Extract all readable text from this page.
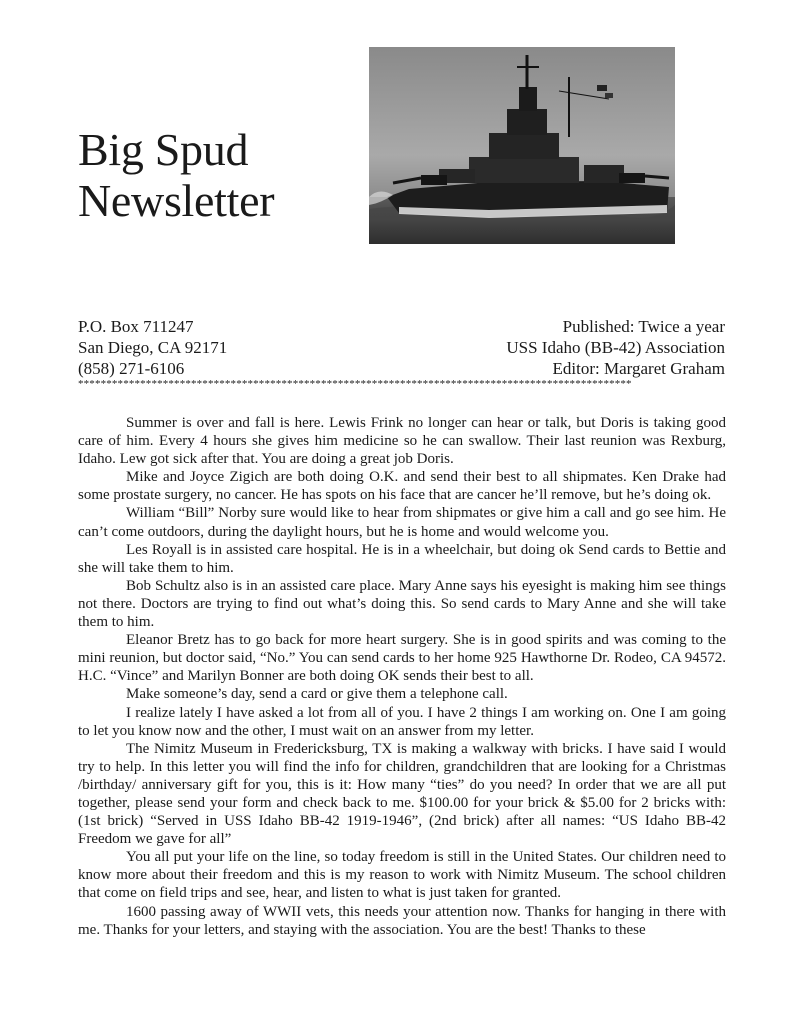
Big Spud
Newsletter
P.O. Box 711247
San Diego, CA 92171
(858) 271-6106
Published: Twice a year
USS Idaho (BB-42) Association
Editor: Margaret Graham
**************************************************************************************************

Summer is over and fall is here. Lewis Frink no longer can hear or talk, but Doris is taking good care of him. Every 4 hours she gives him medicine so he can swallow. Their last reunion was Rexburg, Idaho. Lew got sick after that. You are doing a great job Doris.

Mike and Joyce Zigich are both doing O.K. and send their best to all shipmates. Ken Drake had some prostate surgery, no cancer. He has spots on his face that are cancer he’ll remove, but he’s doing ok.

William “Bill” Norby sure would like to hear from shipmates or give him a call and go see him. He can’t come outdoors, during the daylight hours, but he is home and would welcome you.

Les Royall is in assisted care hospital. He is in a wheelchair, but doing ok Send cards to Bettie and she will take them to him.

Bob Schultz also is in an assisted care place. Mary Anne says his eyesight is making him see things not there. Doctors are trying to find out what’s doing this. So send cards to Mary Anne and she will take them to him.

Eleanor Bretz has to go back for more heart surgery. She is in good spirits and was coming to the mini reunion, but doctor said, “No.” You can send cards to her home 925 Hawthorne Dr. Rodeo, CA 94572. H.C. “Vince” and Marilyn Bonner are both doing OK sends their best to all.

Make someone’s day, send a card or give them a telephone call.

I realize lately I have asked a lot from all of you. I have 2 things I am working on. One I am going to let you know now and the other, I must wait on an answer from my letter.

The Nimitz Museum in Fredericksburg, TX is making a walkway with bricks. I have said I would try to help. In this letter you will find the info for children, grandchildren that are looking for a Christmas /birthday/ anniversary gift for you, this is it: How many “ties” do you need? In order that we are all put together, please send your form and check back to me. $100.00 for your brick & $5.00 for 2 bricks with: (1st brick) “Served in USS Idaho BB-42 1919-1946”, (2nd brick) after all names: “US Idaho BB-42 Freedom we gave for all”

You all put your life on the line, so today freedom is still in the United States. Our children need to know more about their freedom and this is my reason to work with Nimitz Museum. The school children that come on field trips and see, hear, and listen to what is just taken for granted.

1600 passing away of WWII vets, this needs your attention now. Thanks for hanging in there with me. Thanks for your letters, and staying with the association. You are the best! Thanks to these
